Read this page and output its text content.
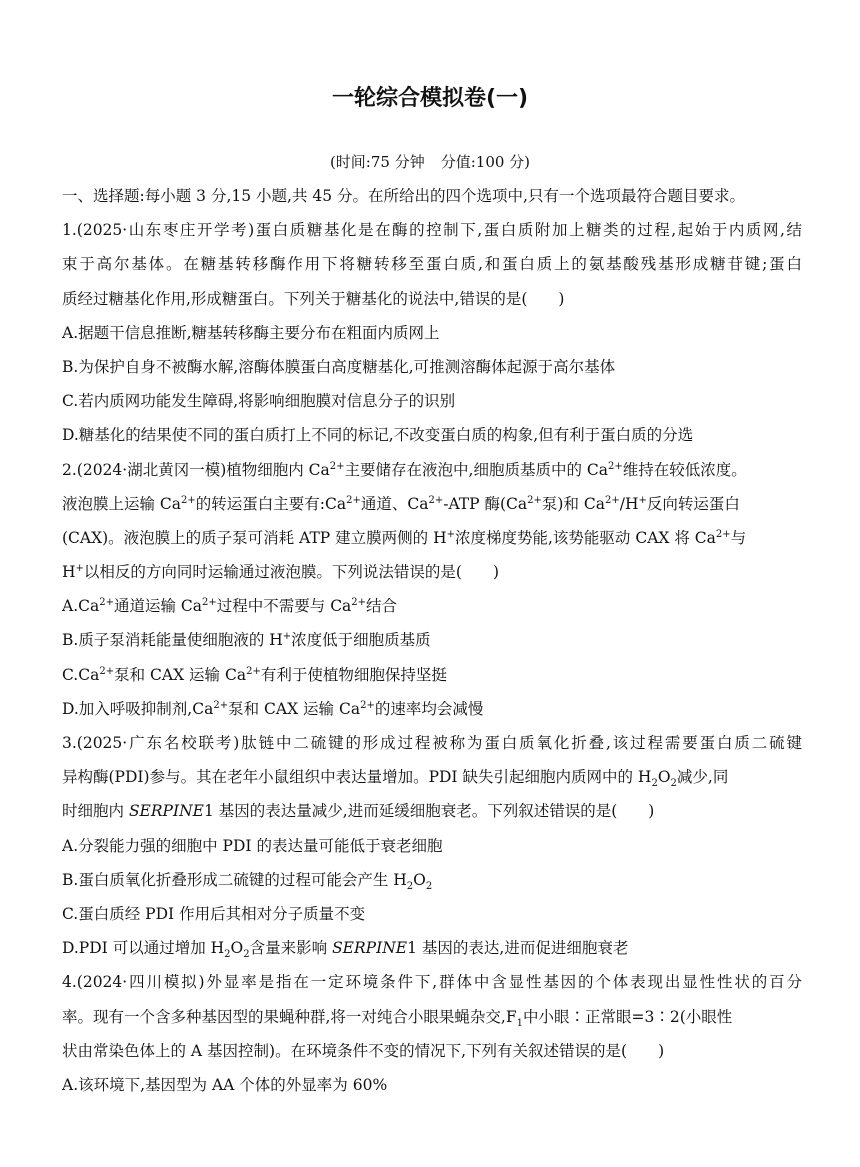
一轮综合模拟卷(一)
(时间:75 分钟 分值:100 分)
一、选择题:每小题 3 分,15 小题,共 45 分。在所给出的四个选项中,只有一个选项最符合题目要求。
1.(2025·山东枣庄开学考)蛋白质糖基化是在酶的控制下,蛋白质附加上糖类的过程,起始于内质网,结
束于高尔基体。在糖基转移酶作用下将糖转移至蛋白质,和蛋白质上的氨基酸残基形成糖苷键;蛋白
质经过糖基化作用,形成糖蛋白。下列关于糖基化的说法中,错误的是(　　)
A.据题干信息推断,糖基转移酶主要分布在粗面内质网上
B.为保护自身不被酶水解,溶酶体膜蛋白高度糖基化,可推测溶酶体起源于高尔基体
C.若内质网功能发生障碍,将影响细胞膜对信息分子的识别
D.糖基化的结果使不同的蛋白质打上不同的标记,不改变蛋白质的构象,但有利于蛋白质的分选
2.(2024·湖北黄冈一模)植物细胞内 $Ca^{2+}$主要储存在液泡中,细胞质基质中的 $Ca^{2+}$维持在较低浓度。
液泡膜上运输 $Ca^{2+}$的转运蛋白主要有$:Ca^{2+}$通道、$Ca^{2+}$-ATP 酶($Ca^{2+}$泵)和 $Ca^{2+}/H^+$反向转运蛋白
(CAX)。液泡膜上的质子泵可消耗 ATP 建立膜两侧的 H+浓度梯度势能,该势能驱动 CAX 将 $Ca^{2+}$与
H+以相反的方向同时运输通过液泡膜。下列说法错误的是(　　)
$A.Ca^{2+}$通道运输 $Ca^{2+}$过程中不需要与 $Ca^{2+}$结合
B.质子泵消耗能量使细胞液的 H+浓度低于细胞质基质
$C.Ca^{2+}$泵和 CAX 运输 $Ca^{2+}$有利于使植物细胞保持坚挺
D.加入呼吸抑制剂$,Ca^{2+}$泵和 CAX 运输 $Ca^{2+}$的速率均会减慢
3.(2025·广东名校联考)肽链中二硫键的形成过程被称为蛋白质氧化折叠,该过程需要蛋白质二硫键
异构酶(PDI)参与。其在老年小鼠组织中表达量增加。PDI 缺失引起细胞内质网中的 $H_2O_2$减少,同
时细胞内 SERPINE1 基因的表达量减少,进而延缓细胞衰老。下列叙述错误的是(　　)
A.分裂能力强的细胞中 PDI 的表达量可能低于衰老细胞
B.蛋白质氧化折叠形成二硫键的过程可能会产生 $H_2O_2$
C.蛋白质经 PDI 作用后其相对分子质量不变
D.PDI 可以通过增加 $H_2O_2$含量来影响 SERPINE1 基因的表达,进而促进细胞衰老
4.(2024·四川模拟)外显率是指在一定环境条件下,群体中含显性基因的个体表现出显性性状的百分
率。现有一个含多种基因型的果蝇种群,将一对纯合小眼果蝇杂交$,F_1$中小眼∶正常眼=3∶2(小眼性
状由常染色体上的 A 基因控制)。在环境条件不变的情况下,下列有关叙述错误的是(　　)
A.该环境下,基因型为 AA 个体的外显率为 60%
